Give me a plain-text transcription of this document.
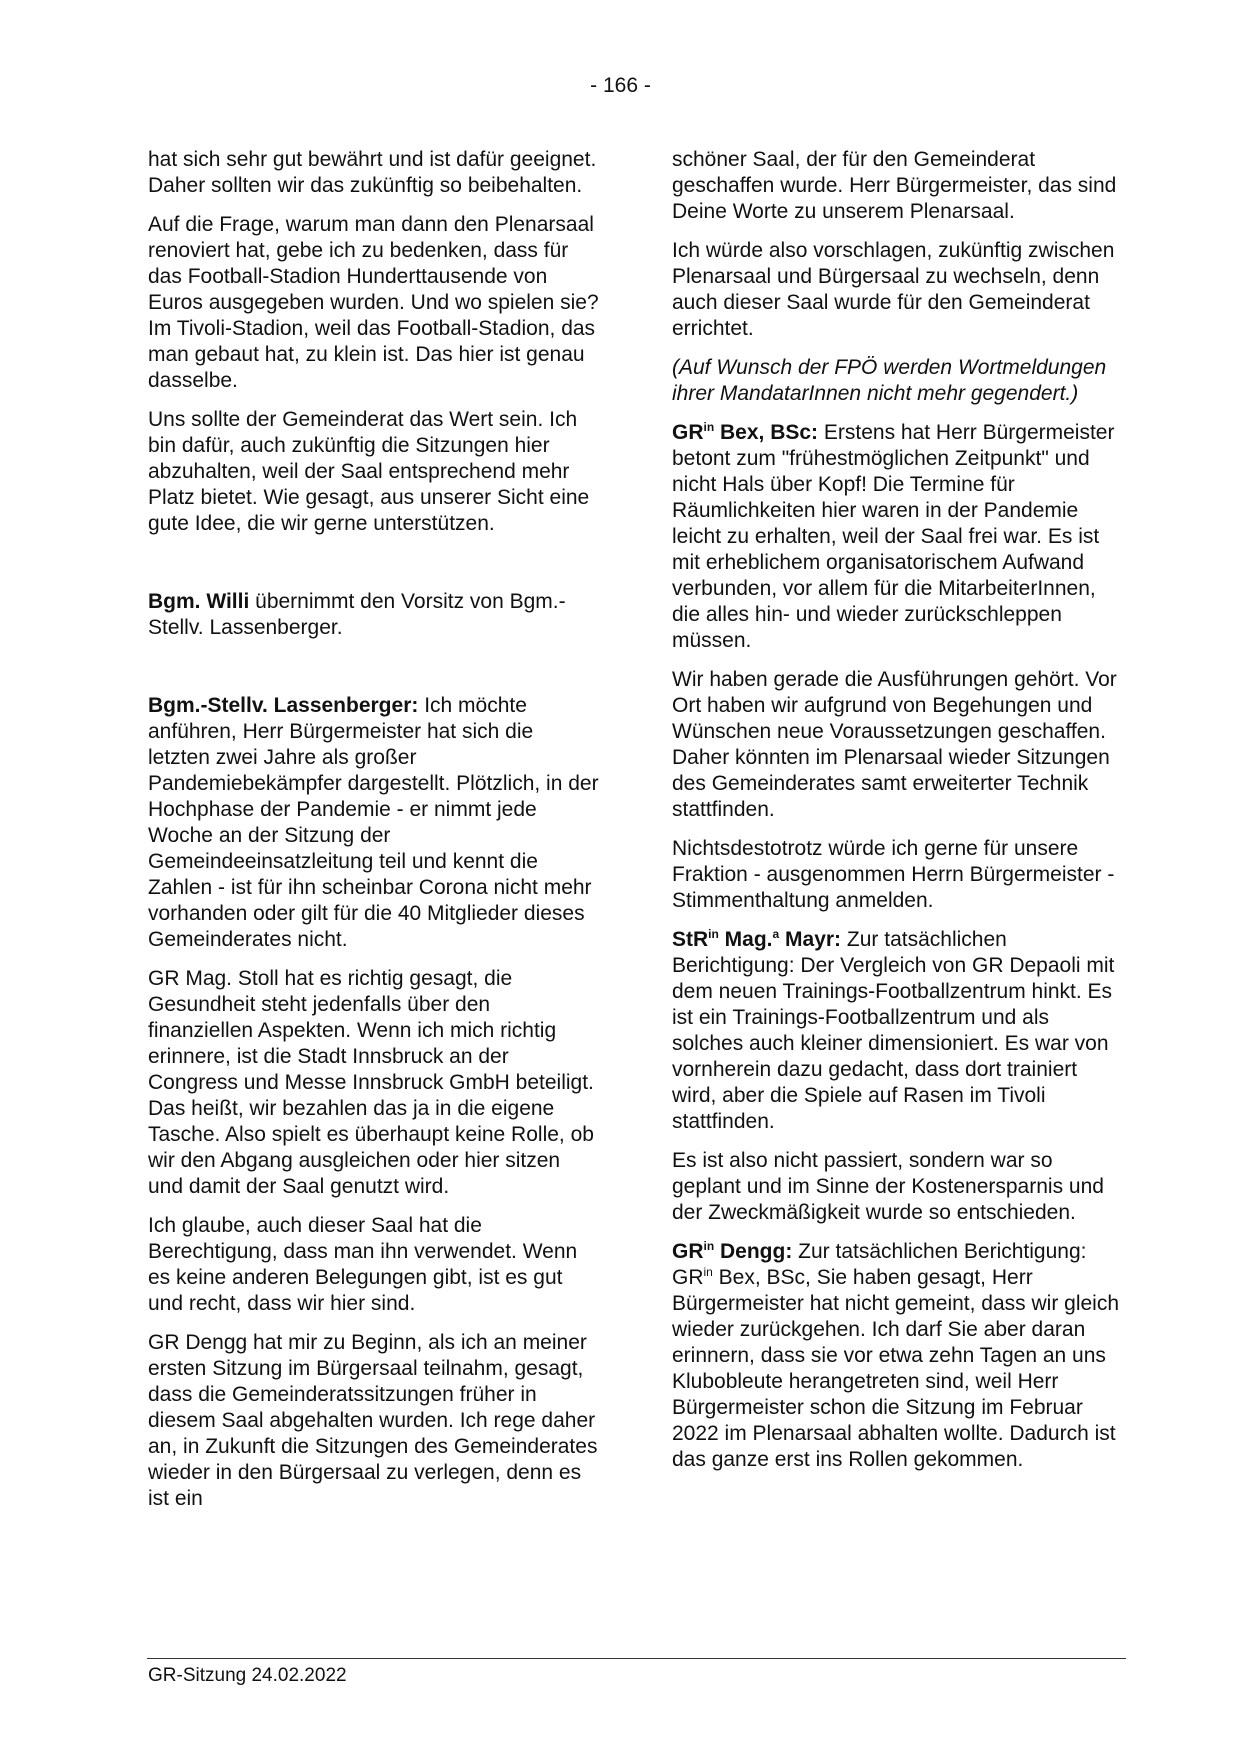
- 166 -

hat sich sehr gut bewährt und ist dafür geeignet. Daher sollten wir das zukünftig so beibehalten.

Auf die Frage, warum man dann den Plenarsaal renoviert hat, gebe ich zu bedenken, dass für das Football-Stadion Hunderttausende von Euros ausgegeben wurden. Und wo spielen sie? Im Tivoli-Stadion, weil das Football-Stadion, das man gebaut hat, zu klein ist. Das hier ist genau dasselbe.

Uns sollte der Gemeinderat das Wert sein. Ich bin dafür, auch zukünftig die Sitzungen hier abzuhalten, weil der Saal entsprechend mehr Platz bietet. Wie gesagt, aus unserer Sicht eine gute Idee, die wir gerne unterstützen.

Bgm. Willi übernimmt den Vorsitz von Bgm.-Stellv. Lassenberger.

Bgm.-Stellv. Lassenberger: Ich möchte anführen, Herr Bürgermeister hat sich die letzten zwei Jahre als großer Pandemiebekämpfer dargestellt. Plötzlich, in der Hochphase der Pandemie - er nimmt jede Woche an der Sitzung der Gemeindeeinsatzleitung teil und kennt die Zahlen - ist für ihn scheinbar Corona nicht mehr vorhanden oder gilt für die 40 Mitglieder dieses Gemeinderates nicht.

GR Mag. Stoll hat es richtig gesagt, die Gesundheit steht jedenfalls über den finanziellen Aspekten. Wenn ich mich richtig erinnere, ist die Stadt Innsbruck an der Congress und Messe Innsbruck GmbH beteiligt. Das heißt, wir bezahlen das ja in die eigene Tasche. Also spielt es überhaupt keine Rolle, ob wir den Abgang ausgleichen oder hier sitzen und damit der Saal genutzt wird.

Ich glaube, auch dieser Saal hat die Berechtigung, dass man ihn verwendet. Wenn es keine anderen Belegungen gibt, ist es gut und recht, dass wir hier sind.

GR Dengg hat mir zu Beginn, als ich an meiner ersten Sitzung im Bürgersaal teilnahm, gesagt, dass die Gemeinderatssitzungen früher in diesem Saal abgehalten wurden. Ich rege daher an, in Zukunft die Sitzungen des Gemeinderates wieder in den Bürgersaal zu verlegen, denn es ist ein

schöner Saal, der für den Gemeinderat geschaffen wurde. Herr Bürgermeister, das sind Deine Worte zu unserem Plenarsaal.

Ich würde also vorschlagen, zukünftig zwischen Plenarsaal und Bürgersaal zu wechseln, denn auch dieser Saal wurde für den Gemeinderat errichtet.

(Auf Wunsch der FPÖ werden Wortmeldungen ihrer MandatarInnen nicht mehr gegendert.)

$GR^{in}$ Bex, BSc: Erstens hat Herr Bürgermeister betont zum "frühestmöglichen Zeitpunkt" und nicht Hals über Kopf! Die Termine für Räumlichkeiten hier waren in der Pandemie leicht zu erhalten, weil der Saal frei war. Es ist mit erheblichem organisatorischem Aufwand verbunden, vor allem für die MitarbeiterInnen, die alles hin- und wieder zurückschleppen müssen.

Wir haben gerade die Ausführungen gehört. Vor Ort haben wir aufgrund von Begehungen und Wünschen neue Voraussetzungen geschaffen. Daher könnten im Plenarsaal wieder Sitzungen des Gemeinderates samt erweiterter Technik stattfinden.

Nichtsdestotrotz würde ich gerne für unsere Fraktion - ausgenommen Herrn Bürgermeister - Stimmenthaltung anmelden.

StR$^{in}$ Mag.$^a$ Mayr: Zur tatsächlichen Berichtigung: Der Vergleich von GR Depaoli mit dem neuen Trainings-Footballzentrum hinkt. Es ist ein Trainings-Footballzentrum und als solches auch kleiner dimensioniert. Es war von vornherein dazu gedacht, dass dort trainiert wird, aber die Spiele auf Rasen im Tivoli stattfinden.

Es ist also nicht passiert, sondern war so geplant und im Sinne der Kostenersparnis und der Zweckmäßigkeit wurde so entschieden.

$GR^{in}$ Dengg: Zur tatsächlichen Berichtigung: $GR^{in}$ Bex, BSc, Sie haben gesagt, Herr Bürgermeister hat nicht gemeint, dass wir gleich wieder zurückgehen. Ich darf Sie aber daran erinnern, dass sie vor etwa zehn Tagen an uns Klubobleute herangetreten sind, weil Herr Bürgermeister schon die Sitzung im Februar 2022 im Plenarsaal abhalten wollte. Dadurch ist das ganze erst ins Rollen gekommen.

GR-Sitzung 24.02.2022
